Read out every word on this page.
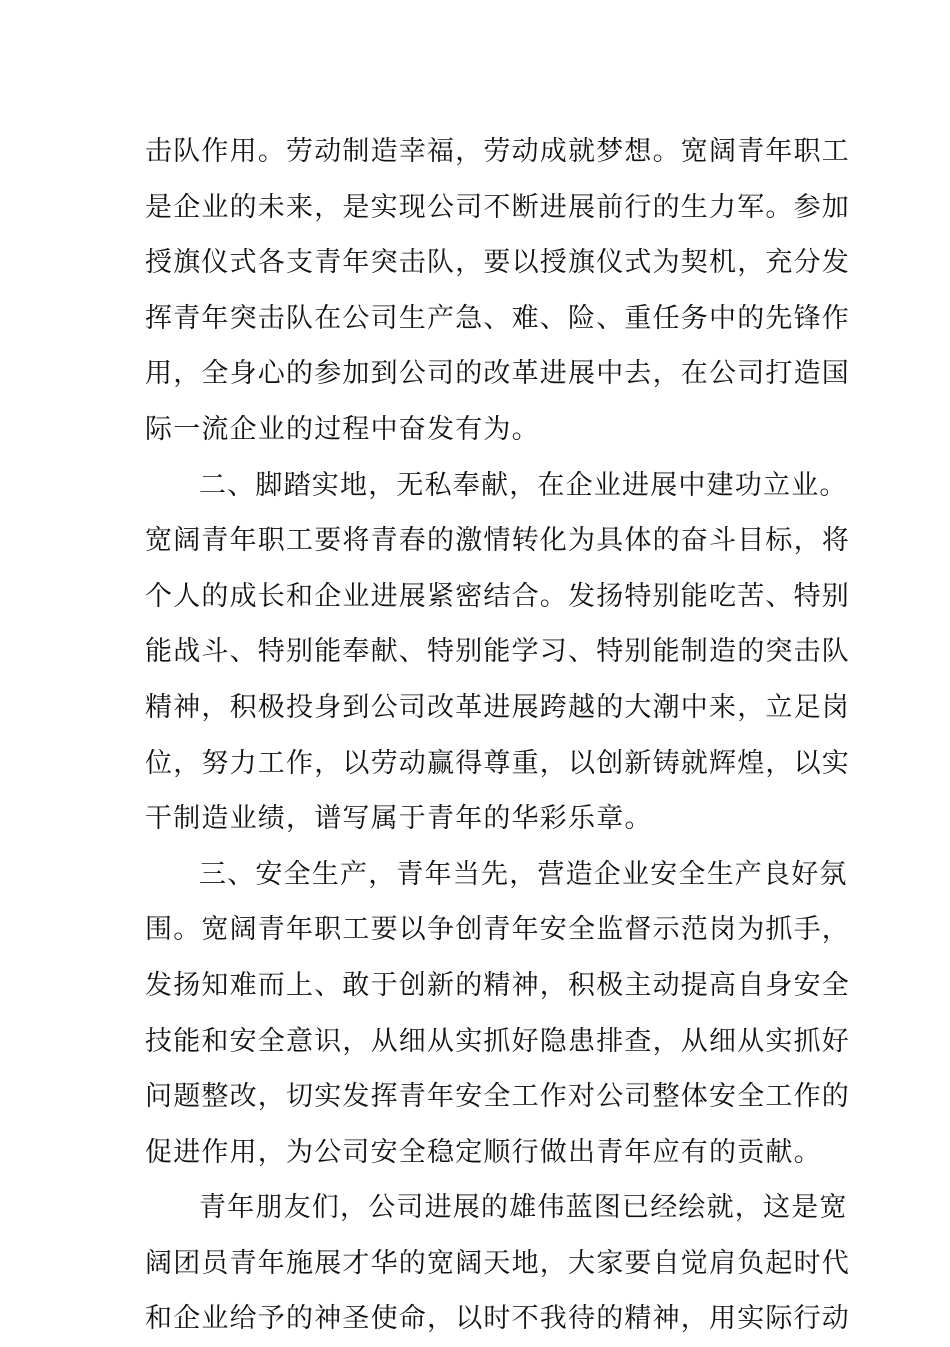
击队作用。劳动制造幸福，劳动成就梦想。宽阔青年职工
是企业的未来，是实现公司不断进展前行的生力军。参加
授旗仪式各支青年突击队，要以授旗仪式为契机，充分发
挥青年突击队在公司生产急、难、险、重任务中的先锋作
用，全身心的参加到公司的改革进展中去，在公司打造国
际一流企业的过程中奋发有为。
二、脚踏实地，无私奉献，在企业进展中建功立业。
宽阔青年职工要将青春的激情转化为具体的奋斗目标，将
个人的成长和企业进展紧密结合。发扬特别能吃苦、特别
能战斗、特别能奉献、特别能学习、特别能制造的突击队
精神，积极投身到公司改革进展跨越的大潮中来，立足岗
位，努力工作，以劳动赢得尊重，以创新铸就辉煌，以实
干制造业绩，谱写属于青年的华彩乐章。
三、安全生产，青年当先，营造企业安全生产良好氛
围。宽阔青年职工要以争创青年安全监督示范岗为抓手，
发扬知难而上、敢于创新的精神，积极主动提高自身安全
技能和安全意识，从细从实抓好隐患排查，从细从实抓好
问题整改，切实发挥青年安全工作对公司整体安全工作的
促进作用，为公司安全稳定顺行做出青年应有的贡献。
青年朋友们，公司进展的雄伟蓝图已经绘就，这是宽
阔团员青年施展才华的宽阔天地，大家要自觉肩负起时代
和企业给予的神圣使命，以时不我待的精神，用实际行动
